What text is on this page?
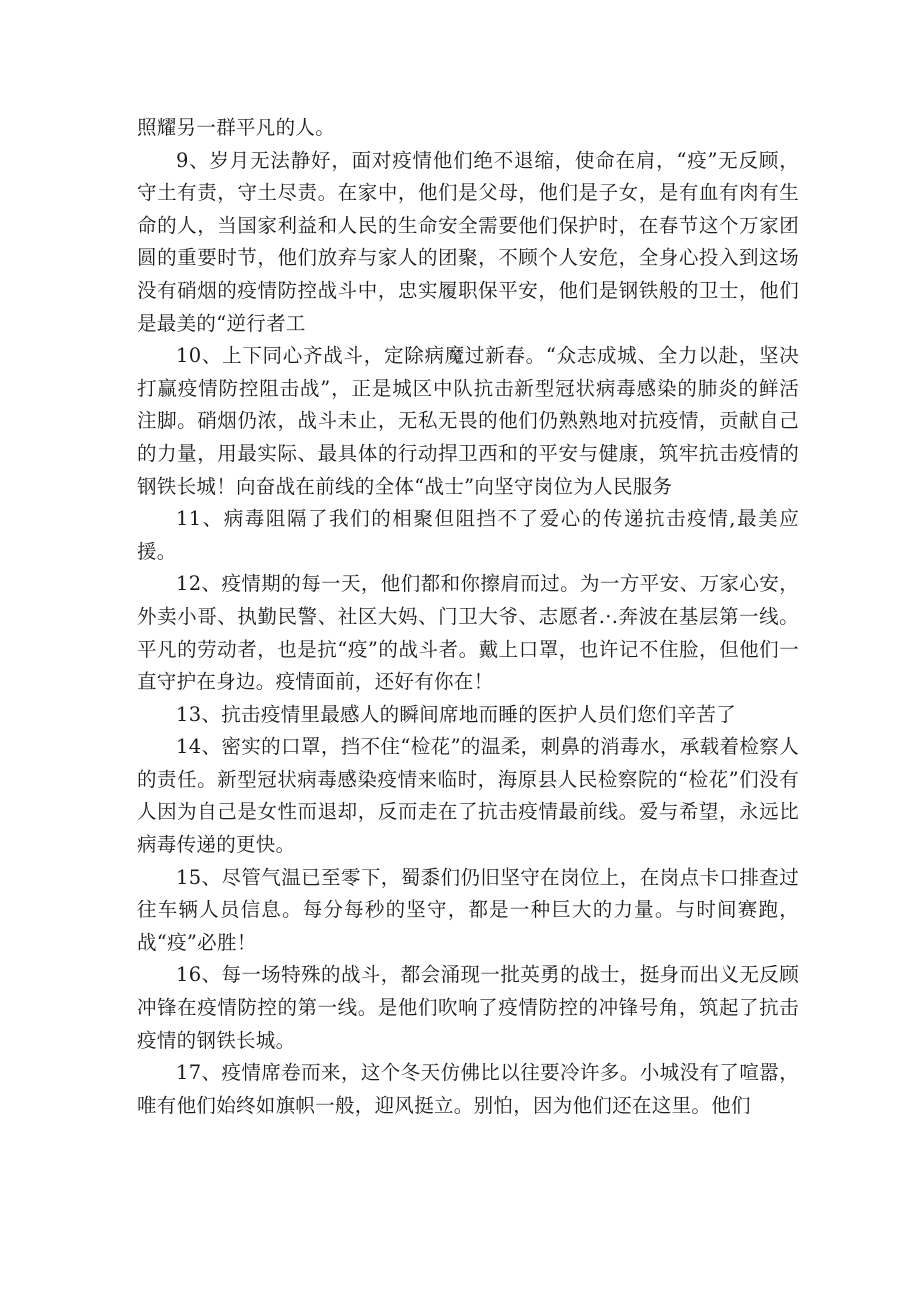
照耀另一群平凡的人。

9、岁月无法静好，面对疫情他们绝不退缩，使命在肩，“疫”无反顾，守土有责，守土尽责。在家中，他们是父母，他们是子女，是有血有肉有生命的人，当国家利益和人民的生命安全需要他们保护时，在春节这个万家团圆的重要时节，他们放弃与家人的团聚，不顾个人安危，全身心投入到这场没有硝烟的疫情防控战斗中，忠实履职保平安，他们是钢铁般的卫士，他们是最美的“逆行者工

10、上下同心齐战斗，定除病魔过新春。“众志成城、全力以赴，坚决打赢疫情防控阻击战”，正是城区中队抗击新型冠状病毒感染的肺炎的鲜活注脚。硝烟仍浓，战斗未止，无私无畏的他们仍熟熟地对抗疫情，贡献自己的力量，用最实际、最具体的行动捍卫西和的平安与健康，筑牢抗击疫情的钢铁长城！向奋战在前线的全体“战士”向坚守岗位为人民服务

11、病毒阻隔了我们的相聚但阻挡不了爱心的传递抗击疫情,最美应援。

12、疫情期的每一天，他们都和你擦肩而过。为一方平安、万家心安，外卖小哥、执勤民警、社区大妈、门卫大爷、志愿者.·.奔波在基层第一线。平凡的劳动者，也是抗“疫”的战斗者。戴上口罩，也许记不住脸，但他们一直守护在身边。疫情面前，还好有你在！

13、抗击疫情里最感人的瞬间席地而睡的医护人员们您们辛苦了

14、密实的口罩，挡不住“检花”的温柔，刺鼻的消毒水，承载着检察人的责任。新型冠状病毒感染疫情来临时，海原县人民检察院的“检花”们没有人因为自己是女性而退却，反而走在了抗击疫情最前线。爱与希望，永远比病毒传递的更快。

15、尽管气温已至零下，蜀黍们仍旧坚守在岗位上，在岗点卡口排查过往车辆人员信息。每分每秒的坚守，都是一种巨大的力量。与时间赛跑，战“疫”必胜！

16、每一场特殊的战斗，都会涌现一批英勇的战士，挺身而出义无反顾冲锋在疫情防控的第一线。是他们吹响了疫情防控的冲锋号角，筑起了抗击疫情的钢铁长城。

17、疫情席卷而来，这个冬天仿佛比以往要冷许多。小城没有了喧嚣，唯有他们始终如旗帜一般，迎风挺立。别怕，因为他们还在这里。他们
